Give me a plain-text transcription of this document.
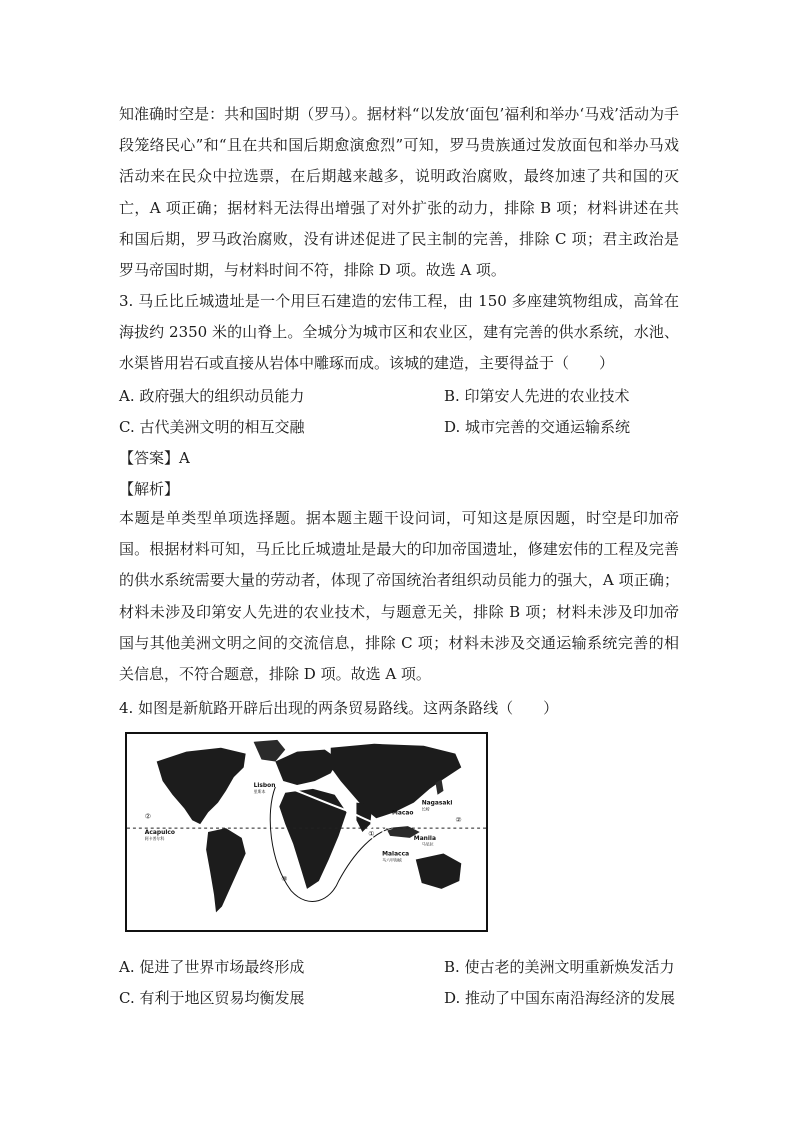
知准确时空是：共和国时期（罗马）。据材料“以发放‘面包’福利和举办‘马戏’活动为手段笼络民心”和“且在共和国后期愈演愈烈”可知，罗马贵族通过发放面包和举办马戏活动来在民众中拉选票，在后期越来越多，说明政治腐败，最终加速了共和国的灭亡，A 项正确；据材料无法得出增强了对外扩张的动力，排除 B 项；材料讲述在共和国后期，罗马政治腐败，没有讲述促进了民主制的完善，排除 C 项；君主政治是罗马帝国时期，与材料时间不符，排除 D 项。故选 A 项。

3. 马丘比丘城遗址是一个用巨石建造的宏伟工程，由 150 多座建筑物组成，高耸在海拔约 2350 米的山脊上。全城分为城市区和农业区，建有完善的供水系统，水池、水渠皆用岩石或直接从岩体中雕琢而成。该城的建造，主要得益于（　　）

A. 政府强大的组织动员能力	B. 印第安人先进的农业技术
C. 古代美洲文明的相互交融	D. 城市完善的交通运输系统
【答案】A
【解析】

本题是单类型单项选择题。据本题主题干设问词，可知这是原因题，时空是印加帝国。根据材料可知，马丘比丘城遗址是最大的印加帝国遗址，修建宏伟的工程及完善的供水系统需要大量的劳动者，体现了帝国统治者组织动员能力的强大，A 项正确；材料未涉及印第安人先进的农业技术，与题意无关，排除 B 项；材料未涉及印加帝国与其他美洲文明之间的交流信息，排除 C 项；材料未涉及交通运输系统完善的相关信息，不符合题意，排除 D 项。故选 A 项。

4. 如图是新航路开辟后出现的两条贸易路线。这两条路线（　　）
Lisbon
里斯本
Acapulco
阿卡普尔科
Nagasaki
长崎
Macao
Manila
马尼拉
Malacca
马六甲海峡
①
②	②
③
A. 促进了世界市场最终形成	B. 使古老的美洲文明重新焕发活力
C. 有利于地区贸易均衡发展	D. 推动了中国东南沿海经济的发展
